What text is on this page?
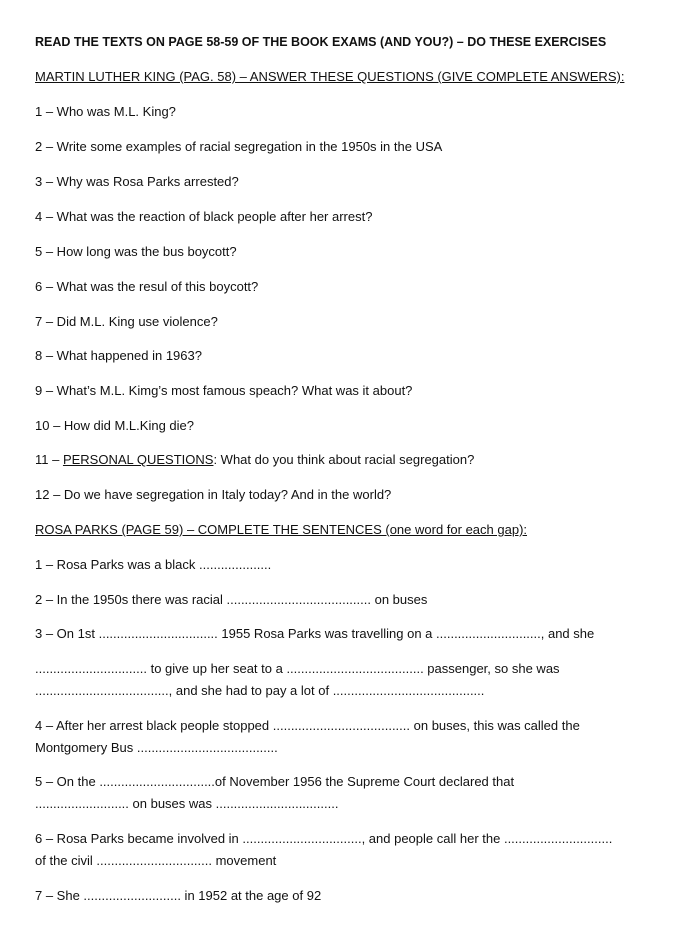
READ THE TEXTS ON PAGE 58-59 OF THE BOOK EXAMS (AND YOU?) – DO THESE EXERCISES
MARTIN LUTHER KING (PAG. 58) – ANSWER THESE QUESTIONS (GIVE COMPLETE ANSWERS):
1 – Who was M.L. King?
2 – Write some examples of racial segregation in the 1950s in the USA
3 – Why was Rosa Parks arrested?
4 – What was the reaction of black people after her arrest?
5 – How long was the bus boycott?
6 – What was the resul of this boycott?
7 – Did M.L. King use violence?
8 – What happened in 1963?
9 – What’s M.L. Kimg’s most famous speach? What was it about?
10 – How did M.L.King die?
11 – PERSONAL QUESTIONS: What do you think about racial segregation?
12 – Do we have segregation in Italy today? And in the world?
ROSA PARKS (PAGE 59) – COMPLETE THE SENTENCES (one word for each gap):
1 – Rosa Parks was a black ....................
2 – In the 1950s there was racial ........................................ on buses
3 – On 1st ................................. 1955 Rosa Parks was travelling on a ............................., and she
............................... to give up her seat to a ...................................... passenger, so she was
....................................., and she had to pay a lot of ..........................................
4 – After her arrest black people stopped ...................................... on buses, this was called the
Montgomery Bus .......................................
5 – On the ................................of November 1956 the Supreme Court declared that
.......................... on buses was ..................................
6 – Rosa Parks became involved in ................................., and people call her the ..............................
of the civil ................................ movement
7 – She ........................... in 1952 at the age of 92
